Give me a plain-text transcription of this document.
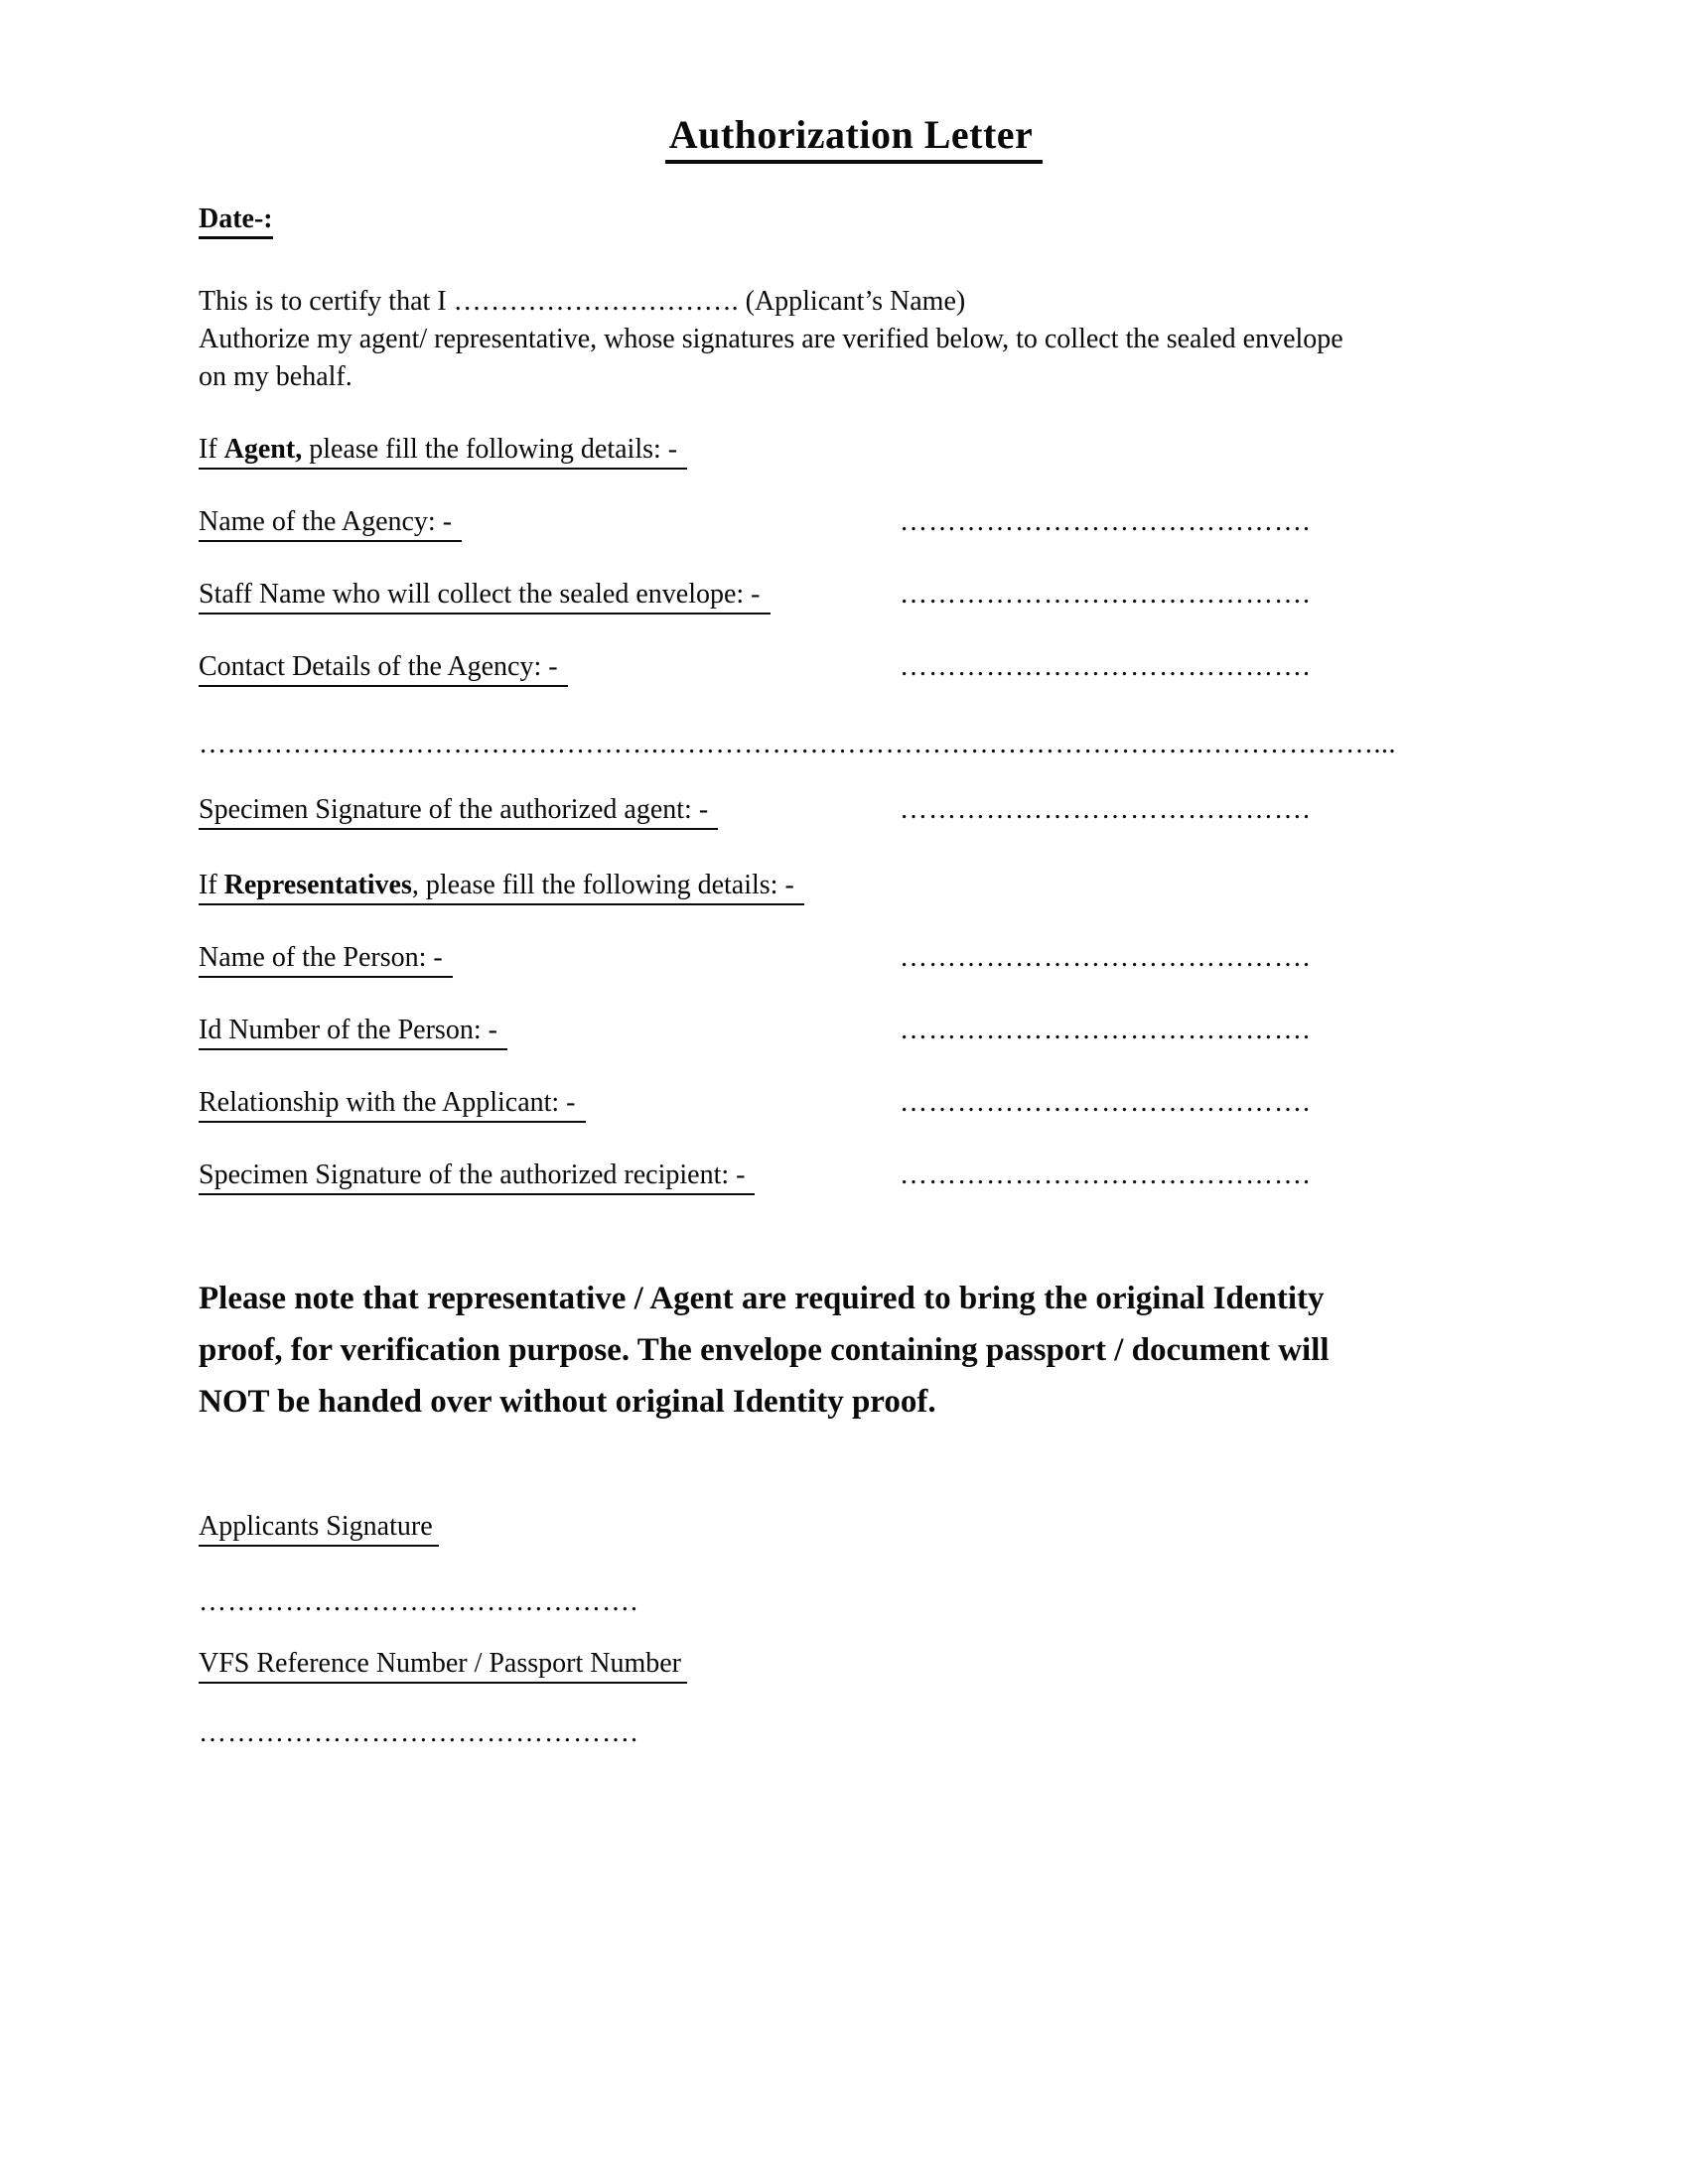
Authorization Letter
Date-:
This is to certify that I …………………………. (Applicant’s Name)
Authorize my agent/ representative, whose signatures are verified below, to collect the sealed envelope
on my behalf.
If Agent, please fill the following details: -
Name of the Agency: -	…………………………………….
Staff Name who will collect the sealed envelope: -	…………………………………….
Contact Details of the Agency: -	…………………………………….
………………………………………….………………………………………………….………………...
Specimen Signature of the authorized agent: -	…………………………………….
If Representatives, please fill the following details: -
Name of the Person: -	…………………………………….
Id Number of the Person: -	…………………………………….
Relationship with the Applicant: -	…………………………………….
Specimen Signature of the authorized recipient: -	…………………………………….
Please note that representative / Agent are required to bring the original Identity
proof, for verification purpose. The envelope containing passport / document will
NOT be handed over without original Identity proof.
Applicants Signature
……………………………………….
VFS Reference Number / Passport Number
……………………………………….
